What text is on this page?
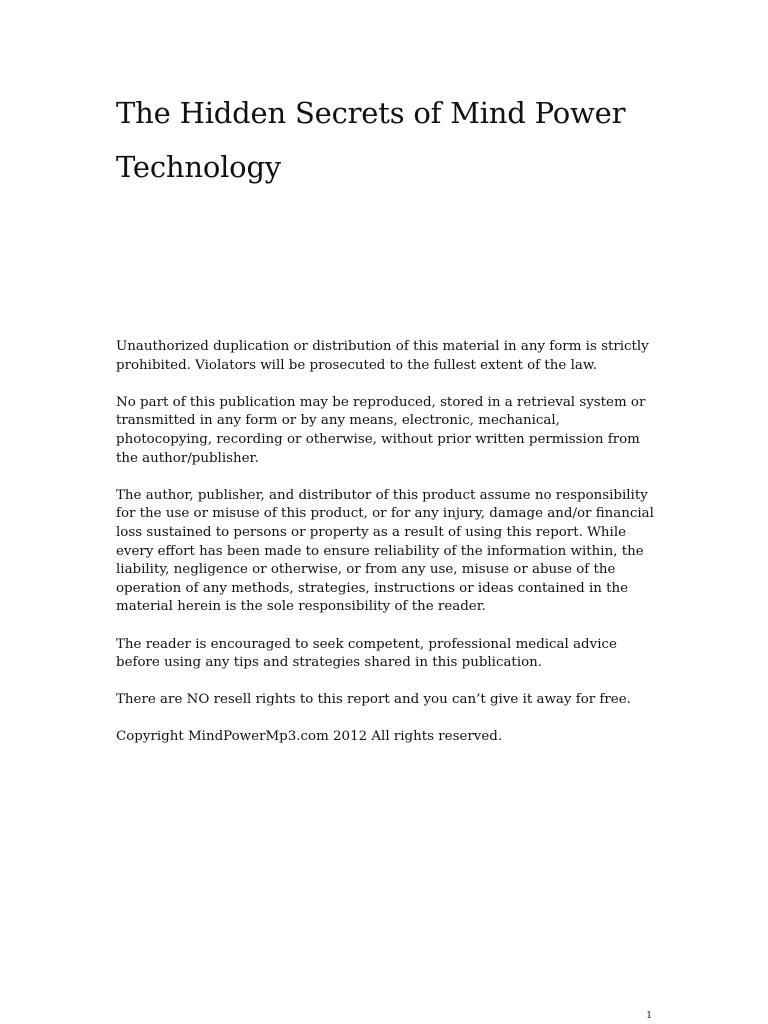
The Hidden Secrets of Mind Power
Technology

Unauthorized duplication or distribution of this material in any form is strictly prohibited. Violators will be prosecuted to the fullest extent of the law.

No part of this publication may be reproduced, stored in a retrieval system or transmitted in any form or by any means, electronic, mechanical, photocopying, recording or otherwise, without prior written permission from the author/publisher.

The author, publisher, and distributor of this product assume no responsibility for the use or misuse of this product, or for any injury, damage and/or financial loss sustained to persons or property as a result of using this report. While every effort has been made to ensure reliability of the information within, the liability, negligence or otherwise, or from any use, misuse or abuse of the operation of any methods, strategies, instructions or ideas contained in the material herein is the sole responsibility of the reader.

The reader is encouraged to seek competent, professional medical advice before using any tips and strategies shared in this publication.

There are NO resell rights to this report and you can’t give it away for free.

Copyright MindPowerMp3.com 2012 All rights reserved.

1
